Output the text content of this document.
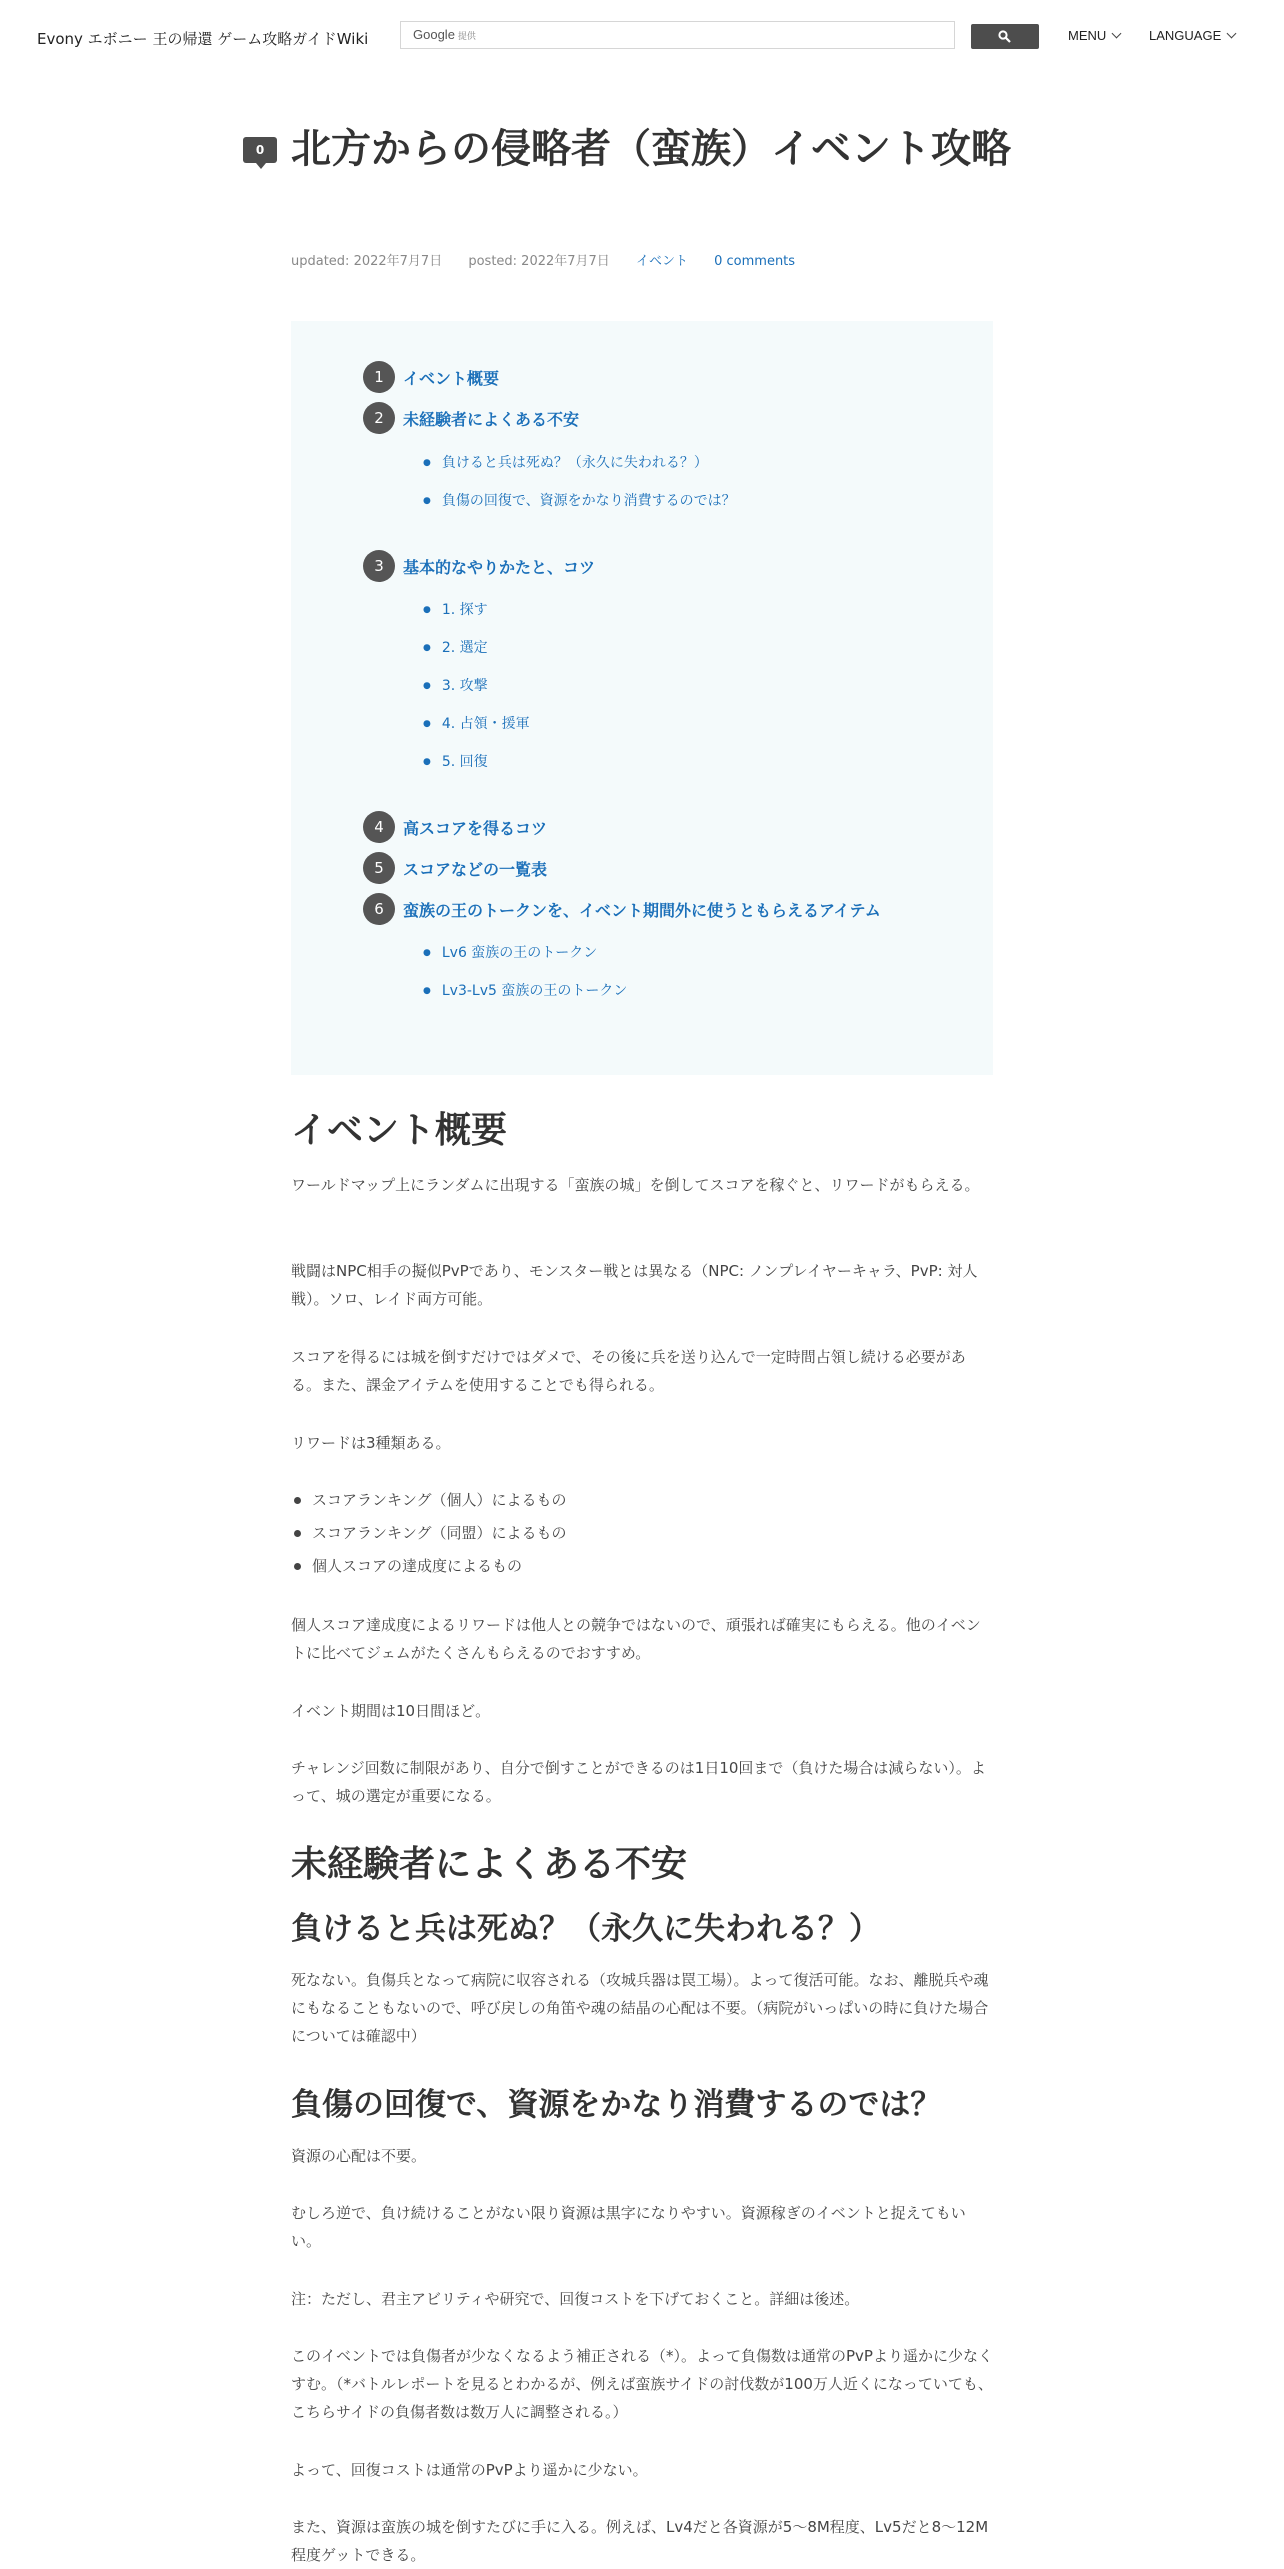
Evony エボニー 王の帰還 ゲーム攻略ガイドWiki	Google 提供	MENU	LANGUAGE
0 北方からの侵略者（蛮族）イベント攻略
updated: 2022年7月7日 posted: 2022年7月7日 イベント 0 comments
1 イベント概要
2 未経験者によくある不安
● 負けると兵は死ぬ？（永久に失われる？）
● 負傷の回復で、資源をかなり消費するのでは？
3 基本的なやりかたと、コツ
● 1. 探す
● 2. 選定
● 3. 攻撃
● 4. 占領・援軍
● 5. 回復
4 高スコアを得るコツ
5 スコアなどの一覧表
6 蛮族の王のトークンを、イベント期間外に使うともらえるアイテム
● Lv6 蛮族の王のトークン
● Lv3-Lv5 蛮族の王のトークン
イベント概要

ワールドマップ上にランダムに出現する「蛮族の城」を倒してスコアを稼ぐと、リワードがもらえる。

戦闘はNPC相手の擬似PvPであり、モンスター戦とは異なる（NPC: ノンプレイヤーキャラ、PvP: 対人戦）。ソロ、レイド両方可能。

スコアを得るには城を倒すだけではダメで、その後に兵を送り込んで一定時間占領し続ける必要がある。また、課金アイテムを使用することでも得られる。

リワードは3種類ある。

スコアランキング（個人）によるもの
スコアランキング（同盟）によるもの
個人スコアの達成度によるもの

個人スコア達成度によるリワードは他人との競争ではないので、頑張れば確実にもらえる。他のイベントに比べてジェムがたくさんもらえるのでおすすめ。

イベント期間は10日間ほど。

チャレンジ回数に制限があり、自分で倒すことができるのは1日10回まで（負けた場合は減らない）。よって、城の選定が重要になる。

未経験者によくある不安
負けると兵は死ぬ？（永久に失われる？）

死なない。負傷兵となって病院に収容される（攻城兵器は罠工場）。よって復活可能。なお、離脱兵や魂にもなることもないので、呼び戻しの角笛や魂の結晶の心配は不要。（病院がいっぱいの時に負けた場合については確認中）

負傷の回復で、資源をかなり消費するのでは？

資源の心配は不要。

むしろ逆で、負け続けることがない限り資源は黒字になりやすい。資源稼ぎのイベントと捉えてもいい。

注：ただし、君主アビリティや研究で、回復コストを下げておくこと。詳細は後述。

このイベントでは負傷者が少なくなるよう補正される（*）。よって負傷数は通常のPvPより遥かに少なくすむ。（*バトルレポートを見るとわかるが、例えば蛮族サイドの討伐数が100万人近くになっていても、こちらサイドの負傷者数は数万人に調整される。）

よって、回復コストは通常のPvPより遥かに少ない。

また、資源は蛮族の城を倒すたびに手に入る。例えば、Lv4だと各資源が5〜8M程度、Lv5だと8〜12M程度ゲットできる。
